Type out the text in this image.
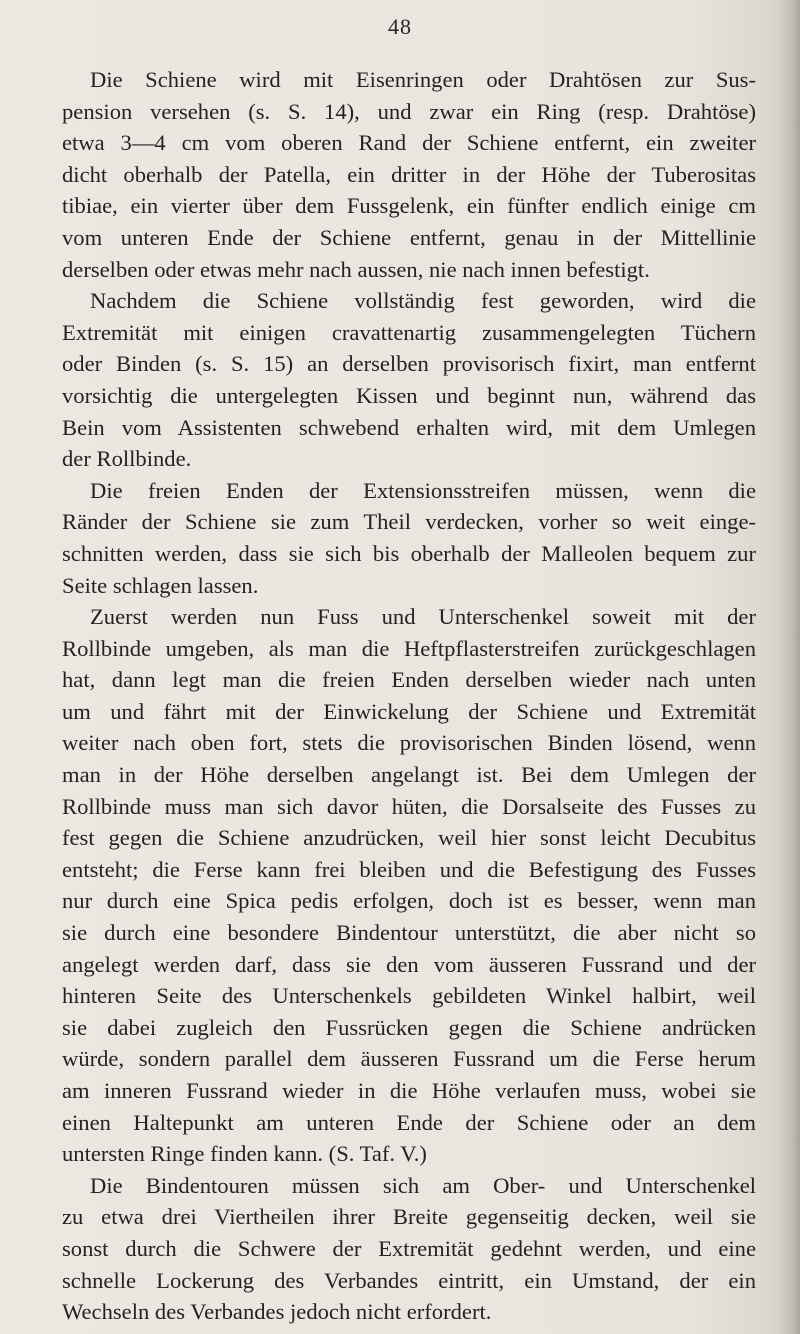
48
Die Schiene wird mit Eisenringen oder Drahtösen zur Sus-
pension versehen (s. S. 14), und zwar ein Ring (resp. Drahtöse)
etwa 3—4 cm vom oberen Rand der Schiene entfernt, ein zweiter
dicht oberhalb der Patella, ein dritter in der Höhe der Tuberositas
tibiae, ein vierter über dem Fussgelenk, ein fünfter endlich einige cm
vom unteren Ende der Schiene entfernt, genau in der Mittellinie
derselben oder etwas mehr nach aussen, nie nach innen befestigt.
Nachdem die Schiene vollständig fest geworden, wird die
Extremität mit einigen cravattenartig zusammengelegten Tüchern
oder Binden (s. S. 15) an derselben provisorisch fixirt, man entfernt
vorsichtig die untergelegten Kissen und beginnt nun, während das
Bein vom Assistenten schwebend erhalten wird, mit dem Umlegen
der Rollbinde.
Die freien Enden der Extensionsstreifen müssen, wenn die
Ränder der Schiene sie zum Theil verdecken, vorher so weit einge-
schnitten werden, dass sie sich bis oberhalb der Malleolen bequem zur
Seite schlagen lassen.
Zuerst werden nun Fuss und Unterschenkel soweit mit der
Rollbinde umgeben, als man die Heftpflasterstreifen zurückgeschlagen
hat, dann legt man die freien Enden derselben wieder nach unten
um und fährt mit der Einwickelung der Schiene und Extremität
weiter nach oben fort, stets die provisorischen Binden lösend, wenn
man in der Höhe derselben angelangt ist. Bei dem Umlegen der
Rollbinde muss man sich davor hüten, die Dorsalseite des Fusses zu
fest gegen die Schiene anzudrücken, weil hier sonst leicht Decubitus
entsteht; die Ferse kann frei bleiben und die Befestigung des Fusses
nur durch eine Spica pedis erfolgen, doch ist es besser, wenn man
sie durch eine besondere Bindentour unterstützt, die aber nicht so
angelegt werden darf, dass sie den vom äusseren Fussrand und der
hinteren Seite des Unterschenkels gebildeten Winkel halbirt, weil
sie dabei zugleich den Fussrücken gegen die Schiene andrücken
würde, sondern parallel dem äusseren Fussrand um die Ferse herum
am inneren Fussrand wieder in die Höhe verlaufen muss, wobei sie
einen Haltepunkt am unteren Ende der Schiene oder an dem
untersten Ringe finden kann. (S. Taf. V.)
Die Bindentouren müssen sich am Ober- und Unterschenkel
zu etwa drei Viertheilen ihrer Breite gegenseitig decken, weil sie
sonst durch die Schwere der Extremität gedehnt werden, und eine
schnelle Lockerung des Verbandes eintritt, ein Umstand, der ein
Wechseln des Verbandes jedoch nicht erfordert.
